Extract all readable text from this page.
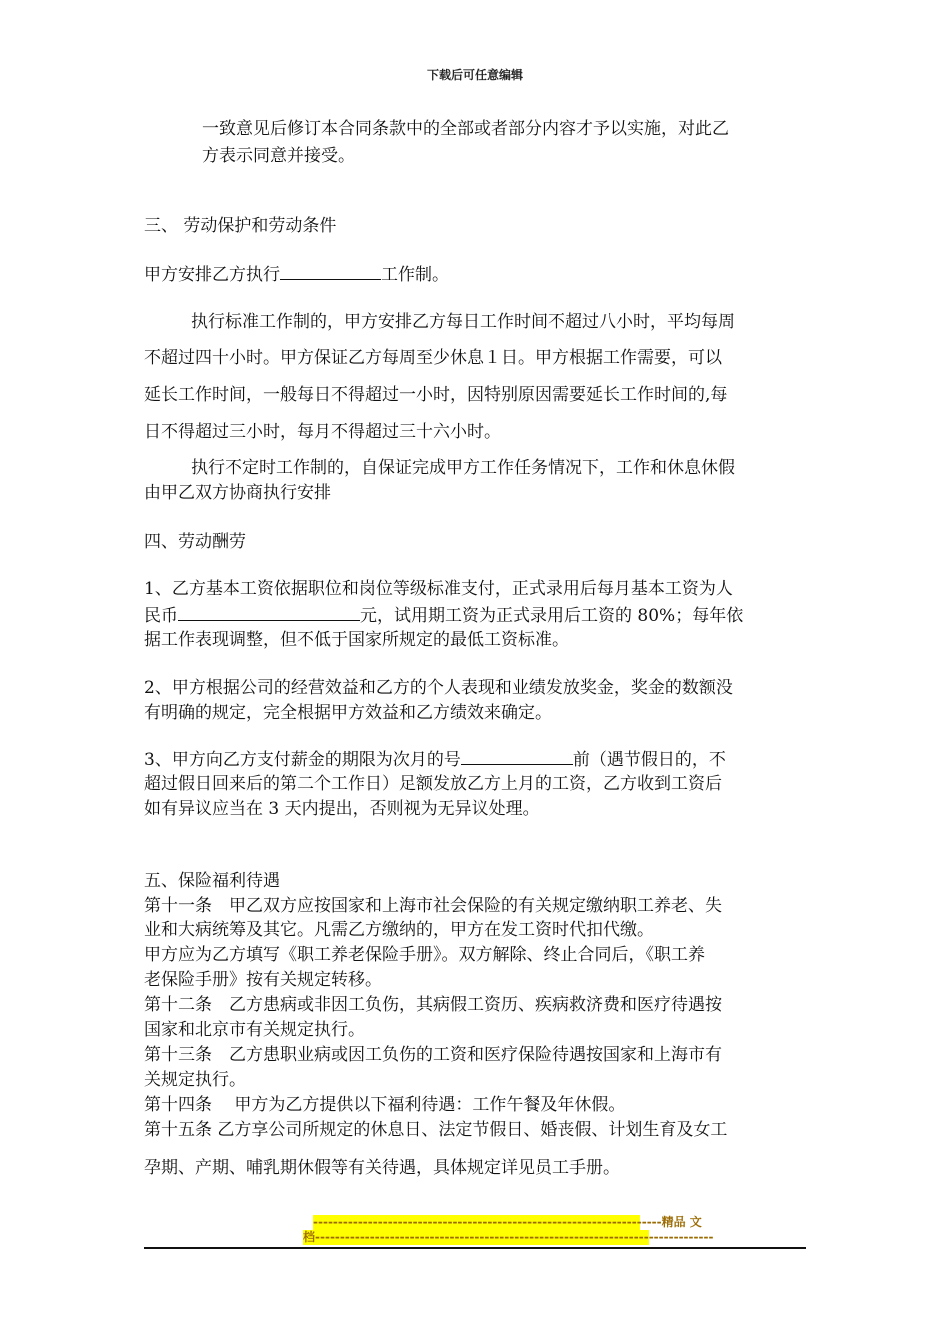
下载后可任意编辑
一致意见后修订本合同条款中的全部或者部分内容才予以实施，对此乙
方表示同意并接受。
三、 劳动保护和劳动条件
甲方安排乙方执行	工作制。
执行标准工作制的，甲方安排乙方每日工作时间不超过八小时，平均每周
不超过四十小时。甲方保证乙方每周至少休息１日。甲方根据工作需要，可以
延长工作时间，一般每日不得超过一小时，因特别原因需要延长工作时间的,每
日不得超过三小时，每月不得超过三十六小时。
执行不定时工作制的，自保证完成甲方工作任务情况下，工作和休息休假
由甲乙双方协商执行安排
四、劳动酬劳
1、乙方基本工资依据职位和岗位等级标准支付，正式录用后每月基本工资为人
民币	元，试用期工资为正式录用后工资的 80%；每年依
据工作表现调整，但不低于国家所规定的最低工资标准。
2、甲方根据公司的经营效益和乙方的个人表现和业绩发放奖金，奖金的数额没
有明确的规定，完全根据甲方效益和乙方绩效来确定。
3、甲方向乙方支付薪金的期限为次月的号	前（遇节假日的，不
超过假日回来后的第二个工作日）足额发放乙方上月的工资，乙方收到工资后
如有异议应当在 3 天内提出，否则视为无异议处理。
五、保险福利待遇
第十一条　甲乙双方应按国家和上海市社会保险的有关规定缴纳职工养老、失
业和大病统筹及其它。凡需乙方缴纳的，甲方在发工资时代扣代缴。
甲方应为乙方填写《职工养老保险手册》。双方解除、终止合同后，《职工养
老保险手册》按有关规定转移。
第十二条　乙方患病或非因工负伤，其病假工资历、疾病救济费和医疗待遇按
国家和北京市有关规定执行。
第十三条　乙方患职业病或因工负伤的工资和医疗保险待遇按国家和上海市有
关规定执行。
第十四条　 甲方为乙方提供以下福利待遇：工作午餐及年休假。
第十五条 乙方享公司所规定的休息日、法定节假日、婚丧假、计划生育及女工
孕期、产期、哺乳期休假等有关待遇，具体规定详见员工手册。
----------------------------------------------------------------------精品 文
档--------------------------------------------------------------------------------
